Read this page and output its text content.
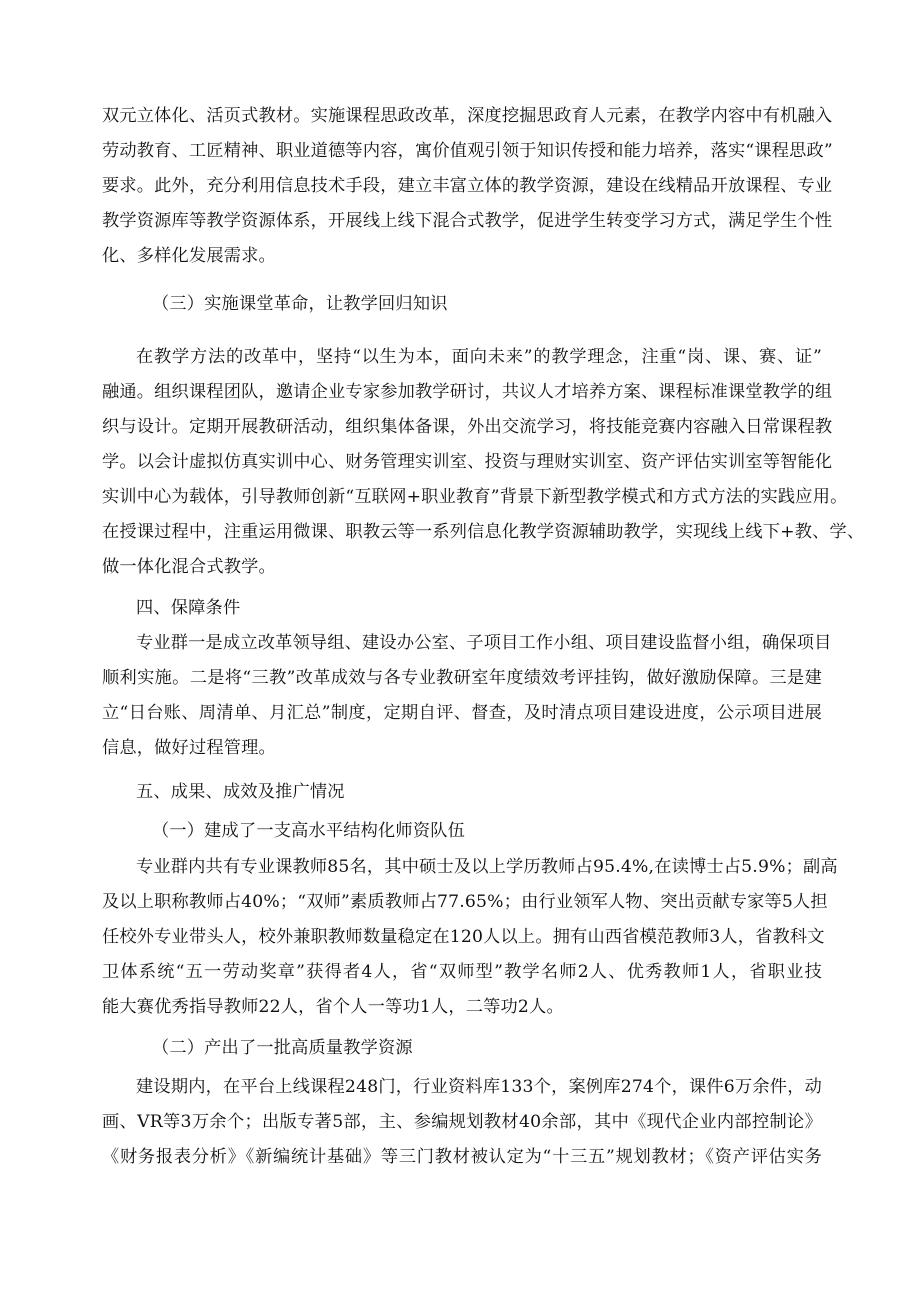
双元立体化、活页式教材。实施课程思政改革，深度挖掘思政育人元素，在教学内容中有机融入
劳动教育、工匠精神、职业道德等内容，寓价值观引领于知识传授和能力培养，落实“课程思政”
要求。此外，充分利用信息技术手段，建立丰富立体的教学资源，建设在线精品开放课程、专业
教学资源库等教学资源体系，开展线上线下混合式教学，促进学生转变学习方式，满足学生个性
化、多样化发展需求。
（三）实施课堂革命，让教学回归知识
在教学方法的改革中，坚持“以生为本，面向未来”的教学理念，注重“岗、课、赛、证”
融通。组织课程团队，邀请企业专家参加教学研讨，共议人才培养方案、课程标准课堂教学的组
织与设计。定期开展教研活动，组织集体备课，外出交流学习，将技能竞赛内容融入日常课程教
学。以会计虚拟仿真实训中心、财务管理实训室、投资与理财实训室、资产评估实训室等智能化
实训中心为载体，引导教师创新“互联网+职业教育”背景下新型教学模式和方式方法的实践应用。
在授课过程中，注重运用微课、职教云等一系列信息化教学资源辅助教学，实现线上线下+教、学、
做一体化混合式教学。
四、保障条件
专业群一是成立改革领导组、建设办公室、子项目工作小组、项目建设监督小组，确保项目
顺利实施。二是将“三教”改革成效与各专业教研室年度绩效考评挂钩，做好激励保障。三是建
立“日台账、周清单、月汇总”制度，定期自评、督查，及时清点项目建设进度，公示项目进展
信息，做好过程管理。
五、成果、成效及推广情况
（一）建成了一支高水平结构化师资队伍
专业群内共有专业课教师85名，其中硕士及以上学历教师占95.4%,在读博士占5.9%；副高
及以上职称教师占40%；“双师”素质教师占77.65%；由行业领军人物、突出贡献专家等5人担
任校外专业带头人，校外兼职教师数量稳定在120人以上。拥有山西省模范教师3人，省教科文
卫体系统“五一劳动奖章”获得者4人，省“双师型”教学名师2人、优秀教师1人，省职业技
能大赛优秀指导教师22人，省个人一等功1人，二等功2人。
（二）产出了一批高质量教学资源
建设期内，在平台上线课程248门，行业资料库133个，案例库274个，课件6万余件，动
画、VR等3万余个；出版专著5部，主、参编规划教材40余部，其中《现代企业内部控制论》
《财务报表分析》《新编统计基础》等三门教材被认定为“十三五”规划教材；《资产评估实务
